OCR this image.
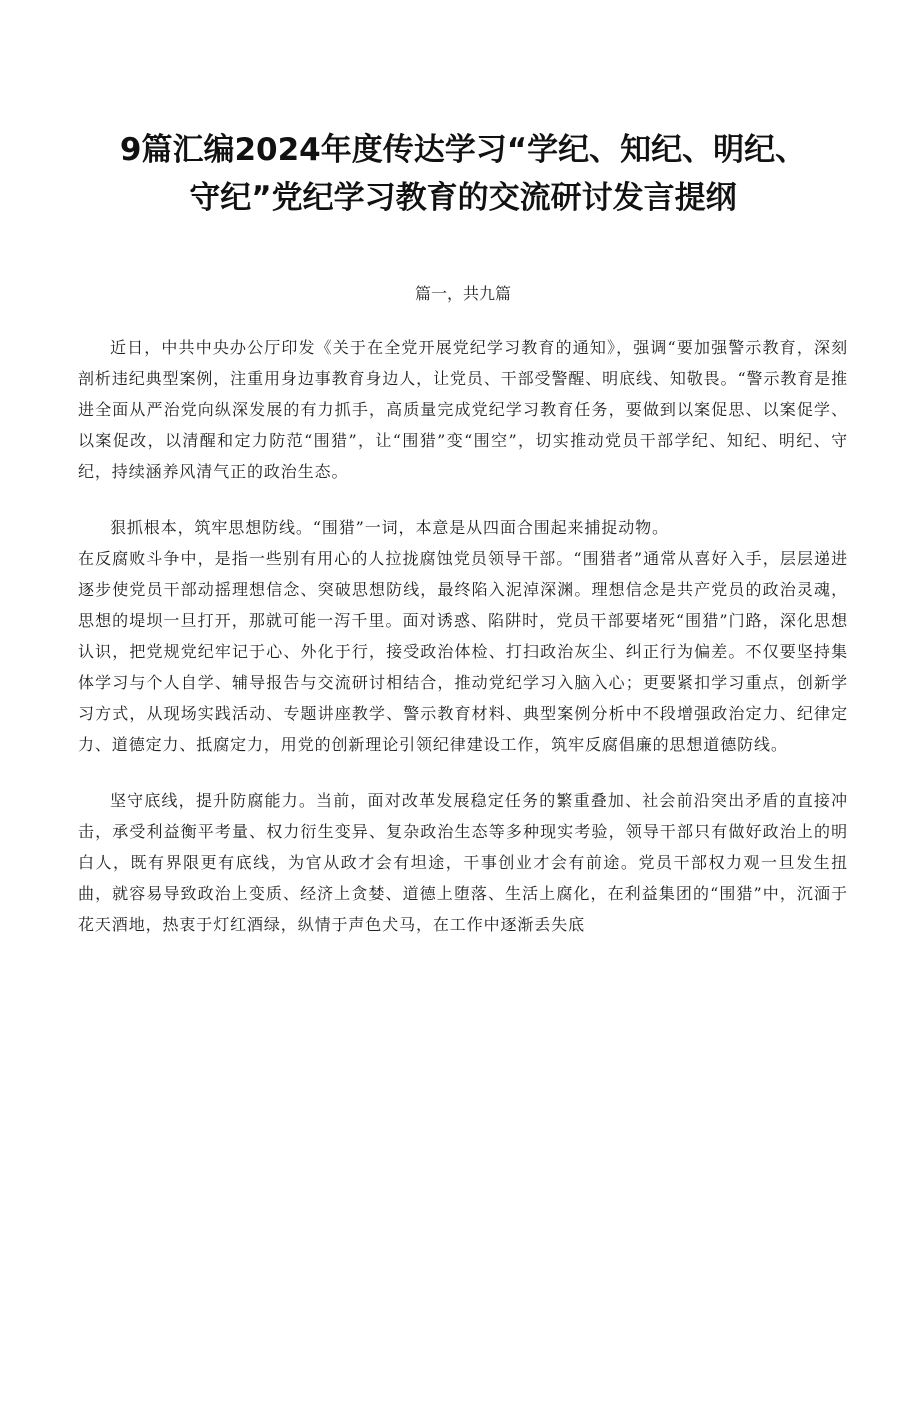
9篇汇编2024年度传达学习“学纪、知纪、明纪、
守纪”党纪学习教育的交流研讨发言提纲
篇一，共九篇

近日，中共中央办公厅印发《关于在全党开展党纪学习教育的通知》，强调“要加强警示教育，深刻剖析违纪典型案例，注重用身边事教育身边人，让党员、干部受警醒、明底线、知敬畏。“警示教育是推进全面从严治党向纵深发展的有力抓手，高质量完成党纪学习教育任务，要做到以案促思、以案促学、以案促改，以清醒和定力防范“围猎”，让“围猎”变“围空”，切实推动党员干部学纪、知纪、明纪、守纪，持续涵养风清气正的政治生态。

狠抓根本，筑牢思想防线。“围猎”一词，本意是从四面合围起来捕捉动物。
在反腐败斗争中，是指一些别有用心的人拉拢腐蚀党员领导干部。“围猎者”通常从喜好入手，层层递进逐步使党员干部动摇理想信念、突破思想防线，最终陷入泥淖深渊。理想信念是共产党员的政治灵魂，思想的堤坝一旦打开，那就可能一泻千里。面对诱惑、陷阱时，党员干部要堵死“围猎”门路，深化思想认识，把党规党纪牢记于心、外化于行，接受政治体检、打扫政治灰尘、纠正行为偏差。不仅要坚持集体学习与个人自学、辅导报告与交流研讨相结合，推动党纪学习入脑入心；更要紧扣学习重点，创新学习方式，从现场实践活动、专题讲座教学、警示教育材料、典型案例分析中不段增强政治定力、纪律定力、道德定力、抵腐定力，用党的创新理论引领纪律建设工作，筑牢反腐倡廉的思想道德防线。

坚守底线，提升防腐能力。当前，面对改革发展稳定任务的繁重叠加、社会前沿突出矛盾的直接冲击，承受利益衡平考量、权力衍生变异、复杂政治生态等多种现实考验，领导干部只有做好政治上的明白人，既有界限更有底线，为官从政才会有坦途，干事创业才会有前途。党员干部权力观一旦发生扭曲，就容易导致政治上变质、经济上贪婪、道德上堕落、生活上腐化，在利益集团的“围猎”中，沉湎于花天酒地，热衷于灯红酒绿，纵情于声色犬马，在工作中逐渐丢失底
